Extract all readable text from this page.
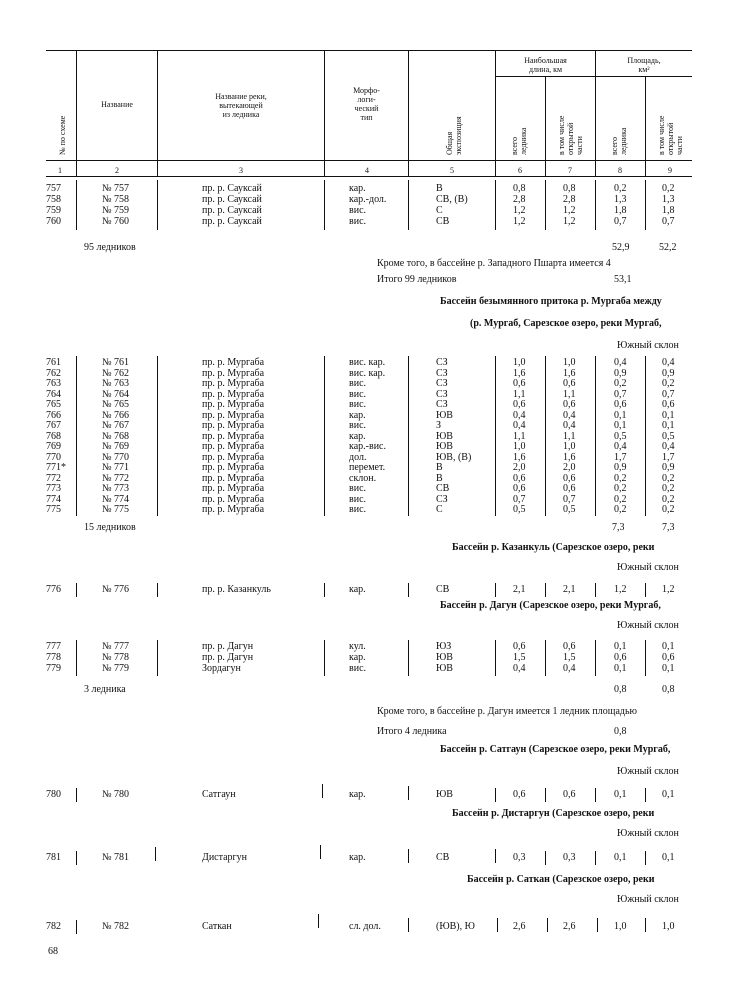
№ по схеме
Название
Название реки,
вытекающей
из ледника
Морфо-
логи-
ческий
тип
Общая экспозиция
Наибольшая
длина, км
всего ледника	в том числе открытой части
Площадь,
км²
всего ледника	в том числе открытой части
1	2	3	4	5	6	7	8	9
757	№ 757	пр. р. Сауксай	кар.	В	0,8	0,8	0,2	0,2
758	№ 758	пр. р. Сауксай	кар.-дол.	СВ, (В)	2,8	2,8	1,3	1,3
759	№ 759	пр. р. Сауксай	вис.	С	1,2	1,2	1,8	1,8
760	№ 760	пр. р. Сауксай	вис.	СВ	1,2	1,2	0,7	0,7
95 ледников	52,9	52,2
Кроме того, в бассейне р. Западного Пшарта имеется 4
Итого 99 ледников	53,1
Бассейн безымянного притока р. Мургаба между
(р. Мургаб, Сарезское озеро, реки Мургаб,
Южный склон
761	№ 761	пр. р. Мургаба	вис. кар.	СЗ	1,0	1,0	0,4	0,4
762	№ 762	пр. р. Мургаба	вис. кар.	СЗ	1,6	1,6	0,9	0,9
763	№ 763	пр. р. Мургаба	вис.	СЗ	0,6	0,6	0,2	0,2
764	№ 764	пр. р. Мургаба	вис.	СЗ	1,1	1,1	0,7	0,7
765	№ 765	пр. р. Мургаба	вис.	СЗ	0,6	0,6	0,6	0,6
766	№ 766	пр. р. Мургаба	кар.	ЮВ	0,4	0,4	0,1	0,1
767	№ 767	пр. р. Мургаба	вис.	З	0,4	0,4	0,1	0,1
768	№ 768	пр. р. Мургаба	кар.	ЮВ	1,1	1,1	0,5	0,5
769	№ 769	пр. р. Мургаба	кар.-вис.	ЮВ	1,0	1,0	0,4	0,4
770	№ 770	пр. р. Мургаба	дол.	ЮВ, (В)	1,6	1,6	1,7	1,7
771*	№ 771	пр. р. Мургаба	перемет.	В	2,0	2,0	0,9	0,9
772	№ 772	пр. р. Мургаба	склон.	В	0,6	0,6	0,2	0,2
773	№ 773	пр. р. Мургаба	вис.	СВ	0,6	0,6	0,2	0,2
774	№ 774	пр. р. Мургаба	вис.	СЗ	0,7	0,7	0,2	0,2
775	№ 775	пр. р. Мургаба	вис.	С	0,5	0,5	0,2	0,2
15 ледников	7,3	7,3
Бассейн р. Казанкуль (Сарезское озеро, реки
Южный склон
776	№ 776	пр. р. Казанкуль	кар.	СВ	2,1	2,1	1,2	1,2
Бассейн р. Дагун (Сарезское озеро, реки Мургаб,
Южный склон
777	№ 777	пр. р. Дагун	кул.	ЮЗ	0,6	0,6	0,1	0,1
778	№ 778	пр. р. Дагун	кар.	ЮВ	1,5	1,5	0,6	0,6
779	№ 779	Зордагун	вис.	ЮВ	0,4	0,4	0,1	0,1
3 ледника	0,8	0,8
Кроме того, в бассейне р. Дагун имеется 1 ледник площадью
0,8
Итого 4 ледника
Бассейн р. Сатгаун (Сарезское озеро, реки Мургаб,
Южный склон
780	№ 780	Сатгаун	кар.	ЮВ	0,6	0,6	0,1	0,1
Бассейн р. Дистаргун (Сарезское озеро, реки
Южный склон
781	№ 781	Дистаргун	кар.	СВ	0,3	0,3	0,1	0,1
Бассейн р. Саткан (Сарезское озеро, реки
Южный склон
782	№ 782	Саткан	сл. дол.	(ЮВ), Ю	2,6	2,6	1,0	1,0
68
